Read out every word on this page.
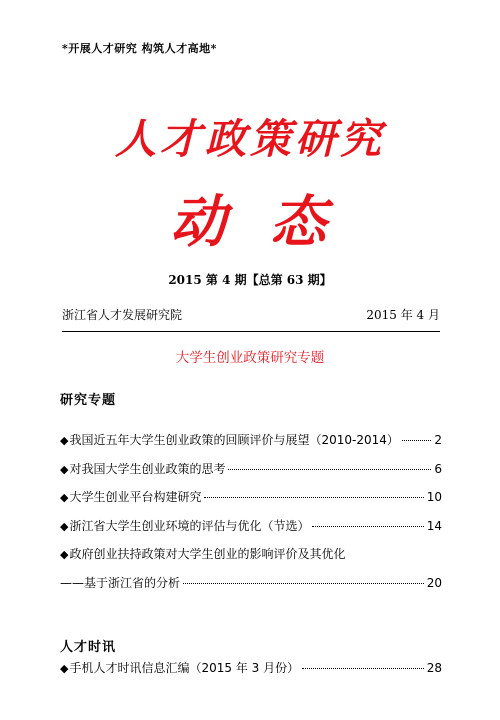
*开展人才研究 构筑人才高地*
人才政策研究
动态
2015 第 4 期【总第 63 期】
浙江省人才发展研究院	2015 年 4 月
大学生创业政策研究专题
研究专题
◆ 我国近五年大学生创业政策的回顾评价与展望（2010-2014）	2
◆ 对我国大学生创业政策的思考	6
◆ 大学生创业平台构建研究	10
◆ 浙江省大学生创业环境的评估与优化（节选）	14
◆ 政府创业扶持政策对大学生创业的影响评价及其优化
——基于浙江省的分析	20
人才时讯
◆ 手机人才时讯信息汇编（2015 年 3 月份）	28
